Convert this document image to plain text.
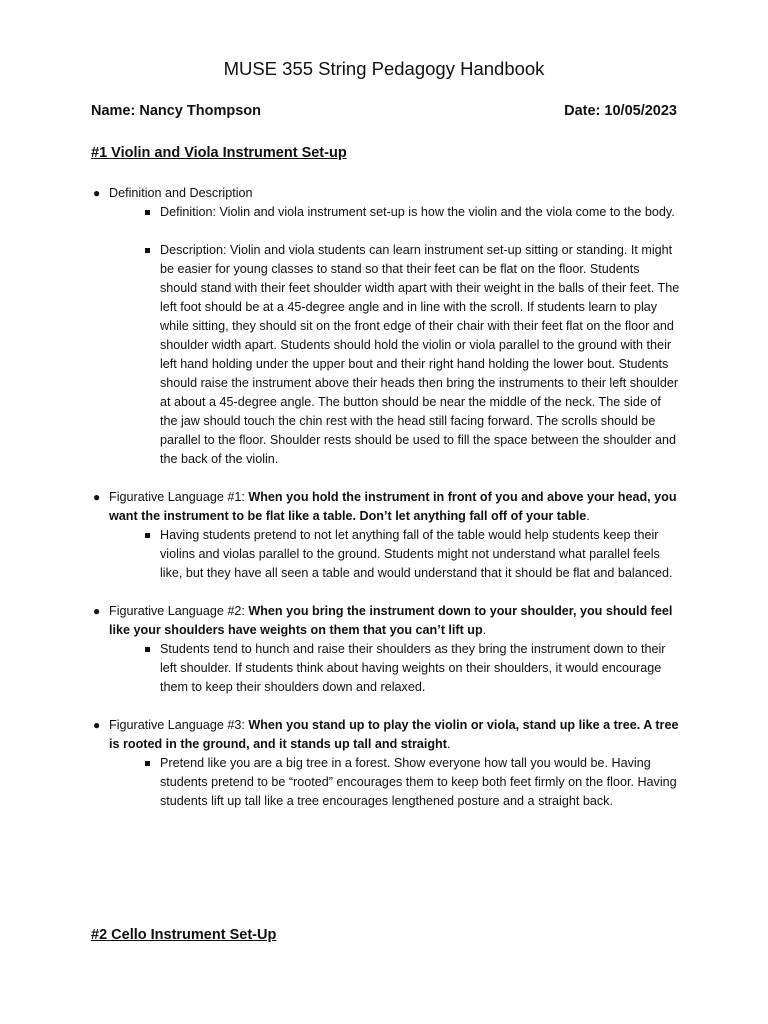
MUSE 355 String Pedagogy Handbook
Name: Nancy Thompson	Date: 10/05/2023
#1 Violin and Viola Instrument Set-up
● Definition and Description
Definition: Violin and viola instrument set-up is how the violin and the viola come to the body.
Description: Violin and viola students can learn instrument set-up sitting or standing. It might be easier for young classes to stand so that their feet can be flat on the floor. Students should stand with their feet shoulder width apart with their weight in the balls of their feet. The left foot should be at a 45-degree angle and in line with the scroll. If students learn to play while sitting, they should sit on the front edge of their chair with their feet flat on the floor and shoulder width apart. Students should hold the violin or viola parallel to the ground with their left hand holding under the upper bout and their right hand holding the lower bout. Students should raise the instrument above their heads then bring the instruments to their left shoulder at about a 45-degree angle. The button should be near the middle of the neck. The side of the jaw should touch the chin rest with the head still facing forward. The scrolls should be parallel to the floor. Shoulder rests should be used to fill the space between the shoulder and the back of the violin.
● Figurative Language #1: When you hold the instrument in front of you and above your head, you want the instrument to be flat like a table. Don’t let anything fall off of your table.
Having students pretend to not let anything fall of the table would help students keep their violins and violas parallel to the ground. Students might not understand what parallel feels like, but they have all seen a table and would understand that it should be flat and balanced.
● Figurative Language #2: When you bring the instrument down to your shoulder, you should feel like your shoulders have weights on them that you can’t lift up.
Students tend to hunch and raise their shoulders as they bring the instrument down to their left shoulder. If students think about having weights on their shoulders, it would encourage them to keep their shoulders down and relaxed.
● Figurative Language #3: When you stand up to play the violin or viola, stand up like a tree. A tree is rooted in the ground, and it stands up tall and straight.
Pretend like you are a big tree in a forest. Show everyone how tall you would be. Having students pretend to be “rooted” encourages them to keep both feet firmly on the floor. Having students lift up tall like a tree encourages lengthened posture and a straight back.
#2 Cello Instrument Set-Up
